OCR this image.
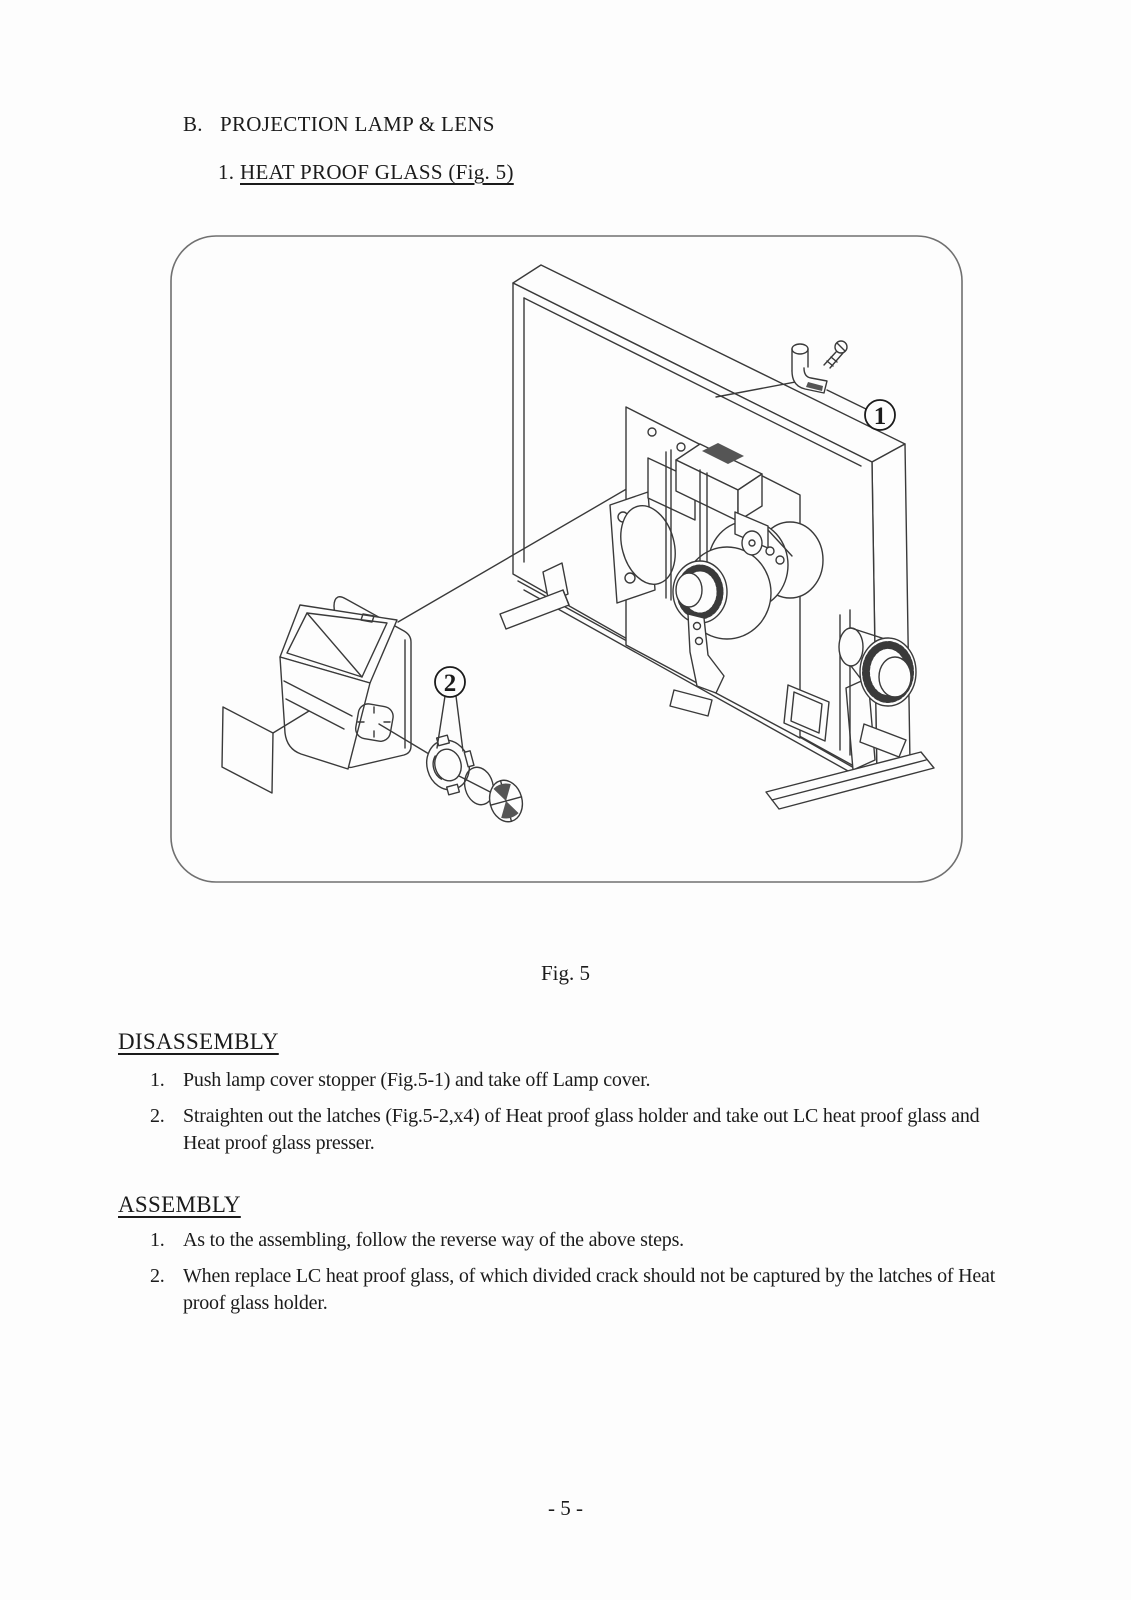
B. PROJECTION LAMP & LENS
1. HEAT PROOF GLASS (Fig. 5)
1
2
Fig. 5
DISASSEMBLY
1. Push lamp cover stopper (Fig.5-1) and take off Lamp cover.
2. Straighten out the latches (Fig.5-2,x4) of Heat proof glass holder and take out LC heat proof glass and Heat proof glass presser.
ASSEMBLY
1. As to the assembling, follow the reverse way of the above steps.
2. When replace LC heat proof glass, of which divided crack should not be captured by the latches of Heat proof glass holder.
- 5 -
